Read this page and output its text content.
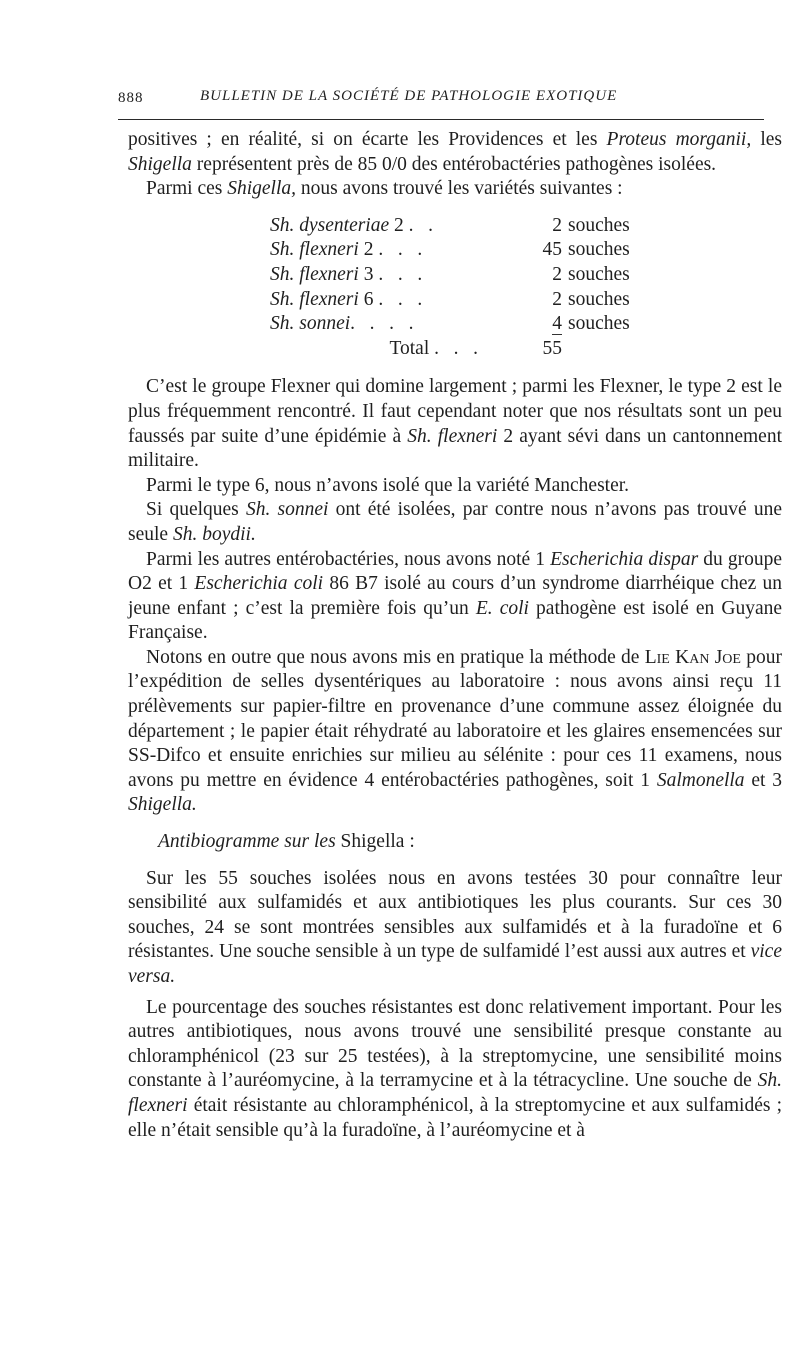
888	BULLETIN DE LA SOCIÉTÉ DE PATHOLOGIE EXOTIQUE

positives ; en réalité, si on écarte les Providences et les Proteus morganii, les Shigella représentent près de 85 0/0 des entérobactéries pathogènes isolées.

Parmi ces Shigella, nous avons trouvé les variétés suivantes :

Sh. dysenteriae 2 .   .	2	souches
Sh. flexneri 2 .   .   .	45	souches
Sh. flexneri 3 .   .   .	2	souches
Sh. flexneri 6 .   .   .	2	souches
Sh. sonnei.   .   .   .	4	souches
Total .   .   .	55	

C’est le groupe Flexner qui domine largement ; parmi les Flexner, le type 2 est le plus fréquemment rencontré. Il faut cependant noter que nos résultats sont un peu faussés par suite d’une épidémie à Sh. flexneri 2 ayant sévi dans un cantonnement militaire.

Parmi le type 6, nous n’avons isolé que la variété Manchester.

Si quelques Sh. sonnei ont été isolées, par contre nous n’avons pas trouvé une seule Sh. boydii.

Parmi les autres entérobactéries, nous avons noté 1 Escherichia dispar du groupe O2 et 1 Escherichia coli 86 B7 isolé au cours d’un syndrome diarrhéique chez un jeune enfant ; c’est la première fois qu’un E. coli pathogène est isolé en Guyane Française.

Notons en outre que nous avons mis en pratique la méthode de Lie Kan Joe pour l’expédition de selles dysentériques au laboratoire : nous avons ainsi reçu 11 prélèvements sur papier-filtre en provenance d’une commune assez éloignée du département ; le papier était réhydraté au laboratoire et les glaires ensemencées sur SS-Difco et ensuite enrichies sur milieu au sélénite : pour ces 11 examens, nous avons pu mettre en évidence 4 entérobactéries pathogènes, soit 1 Salmonella et 3 Shigella.

Antibiogramme sur les Shigella :

Sur les 55 souches isolées nous en avons testées 30 pour connaître leur sensibilité aux sulfamidés et aux antibiotiques les plus courants. Sur ces 30 souches, 24 se sont montrées sensibles aux sulfamidés et à la furadoïne et 6 résistantes. Une souche sensible à un type de sulfamidé l’est aussi aux autres et vice versa.

Le pourcentage des souches résistantes est donc relativement important. Pour les autres antibiotiques, nous avons trouvé une sensibilité presque constante au chloramphénicol (23 sur 25 testées), à la streptomycine, une sensibilité moins constante à l’auréomycine, à la terramycine et à la tétracycline. Une souche de Sh. flexneri était résistante au chloramphénicol, à la streptomycine et aux sulfamidés ; elle n’était sensible qu’à la furadoïne, à l’auréomycine et à
